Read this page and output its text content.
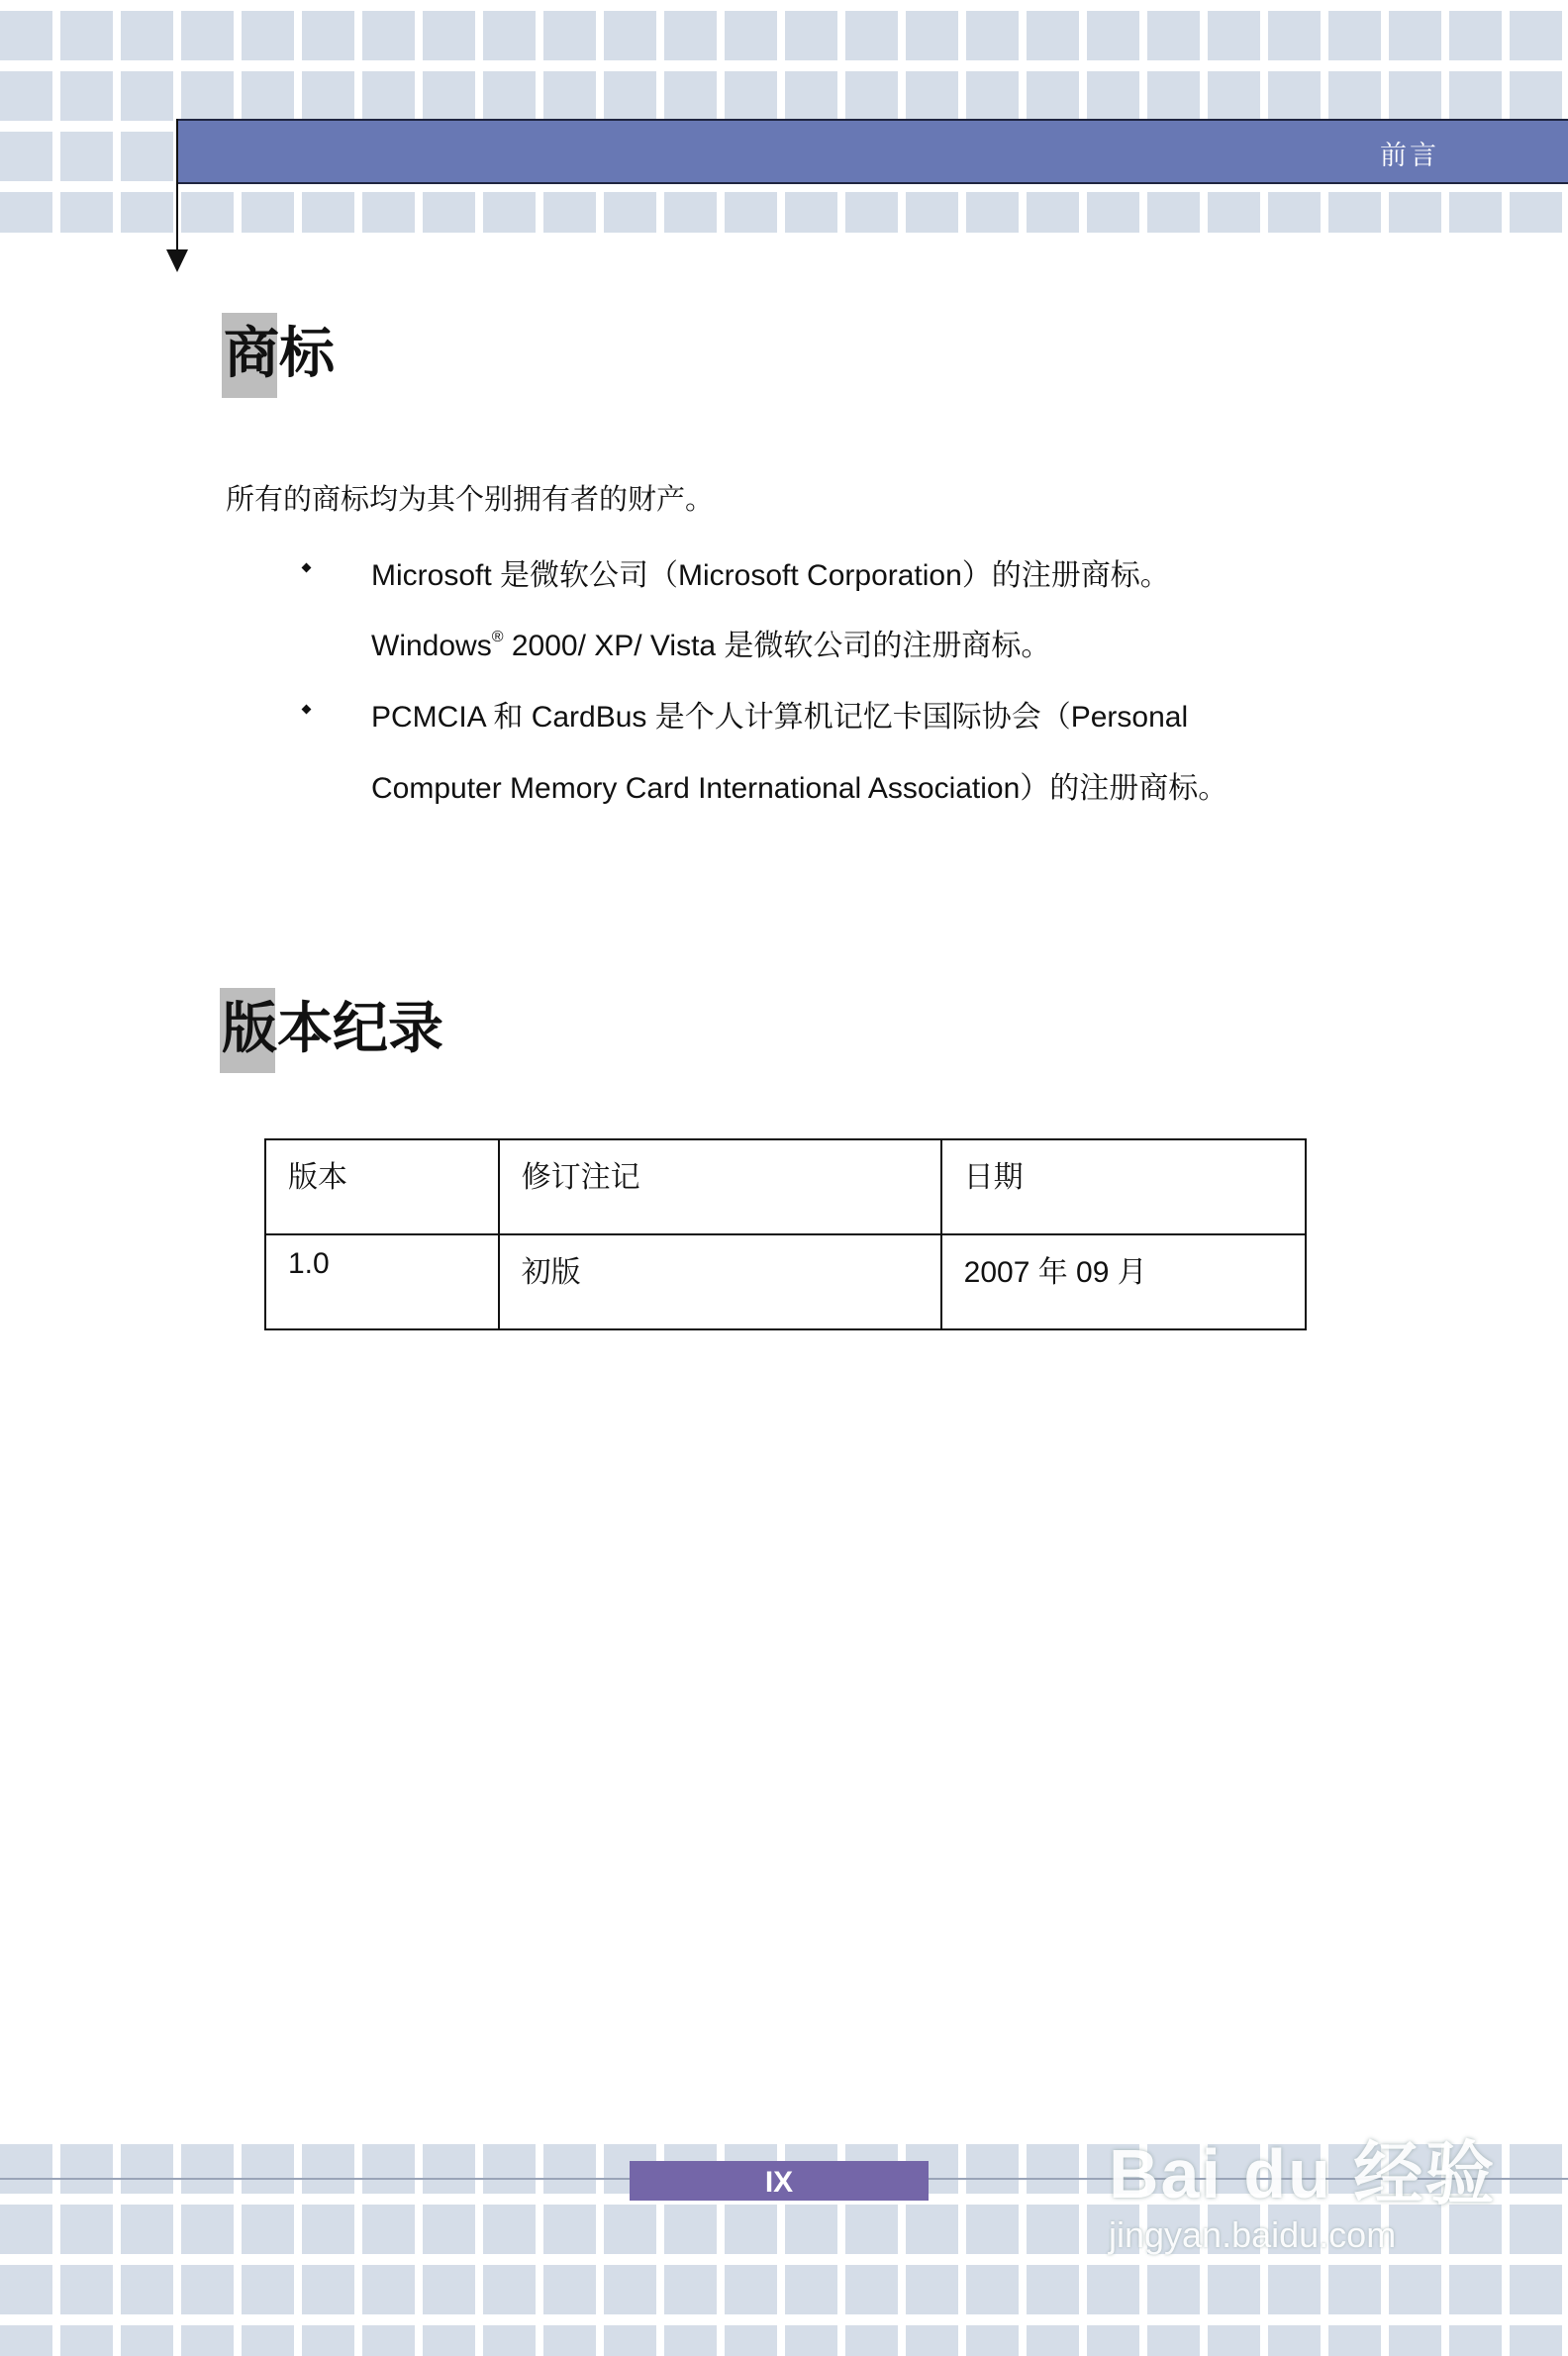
前言
商标
所有的商标均为其个别拥有者的财产。
Microsoft 是微软公司（Microsoft Corporation）的注册商标。
Windows® 2000/ XP/ Vista 是微软公司的注册商标。
PCMCIA 和 CardBus 是个人计算机记忆卡国际协会（Personal
Computer Memory Card International Association）的注册商标。
版本纪录
版本	修订注记	日期
1.0	初版	2007 年 09 月
IX	Bai du 经验
jingyan.baidu.com
